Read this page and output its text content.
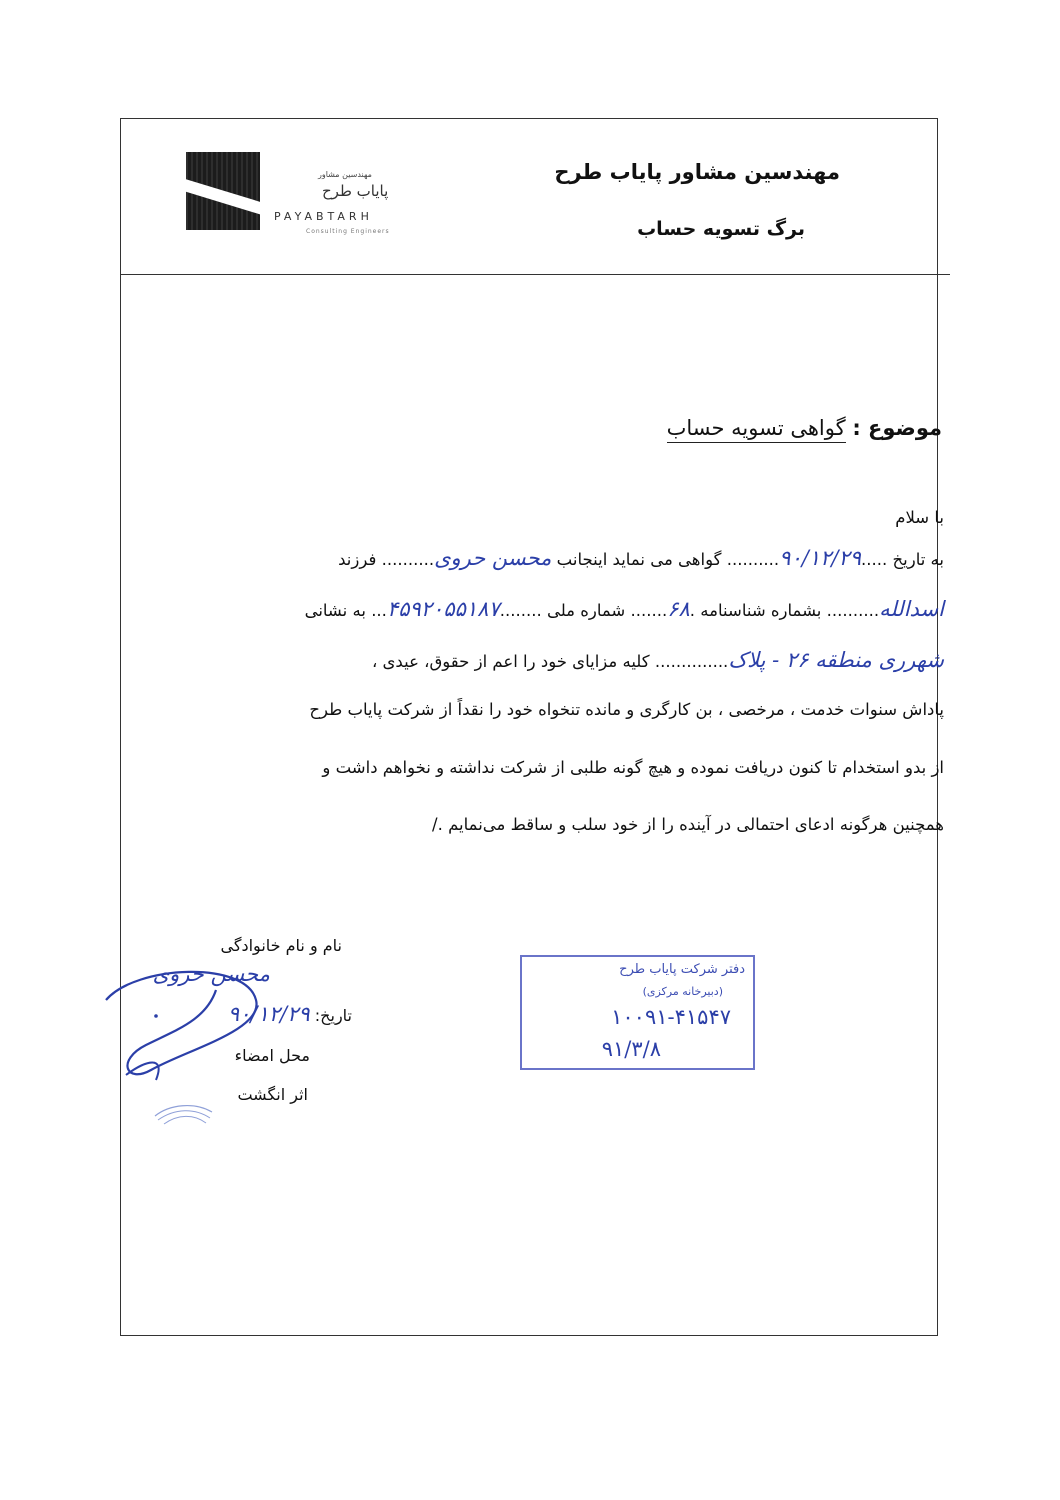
مهندسین مشاور
پایاب طرح
PAYABTARH
Consulting Engineers
مهندسین مشاور پایاب طرح
برگ تسویه حساب
موضوع : گواهی تسویه حساب
با سلام
به تاریخ .....۹۰/۱۲/۲۹.......... گواهی می نماید اینجانب محسن حروی.......... فرزند
اسدالله.......... بشماره شناسنامه .۶۸....... شماره ملی ........۴۵۹۲۰۵۵۱۸۷... به نشانی
شهرری منطقه ۲۶ - پلاک.............. کلیه مزایای خود را اعم از حقوق، عیدی ،
پاداش سنوات خدمت ، مرخصی ، بن کارگری و مانده تنخواه خود را نقداً از شرکت پایاب طرح
از بدو استخدام تا کنون دریافت نموده و هیچ گونه طلبی از شرکت نداشته و نخواهم داشت و
همچنین هرگونه ادعای احتمالی در آینده را از خود سلب و ساقط می‌نمایم ./
نام و نام خانوادگی
محسن حروی
تاریخ: ۹۰/۱۲/۲۹
محل امضاء
اثر انگشت
دفتر شرکت پایاب طرح
(دبیرخانه مرکزی)
۱۰۰۹۱-۴۱۵۴۷
۹۱/۳/۸
